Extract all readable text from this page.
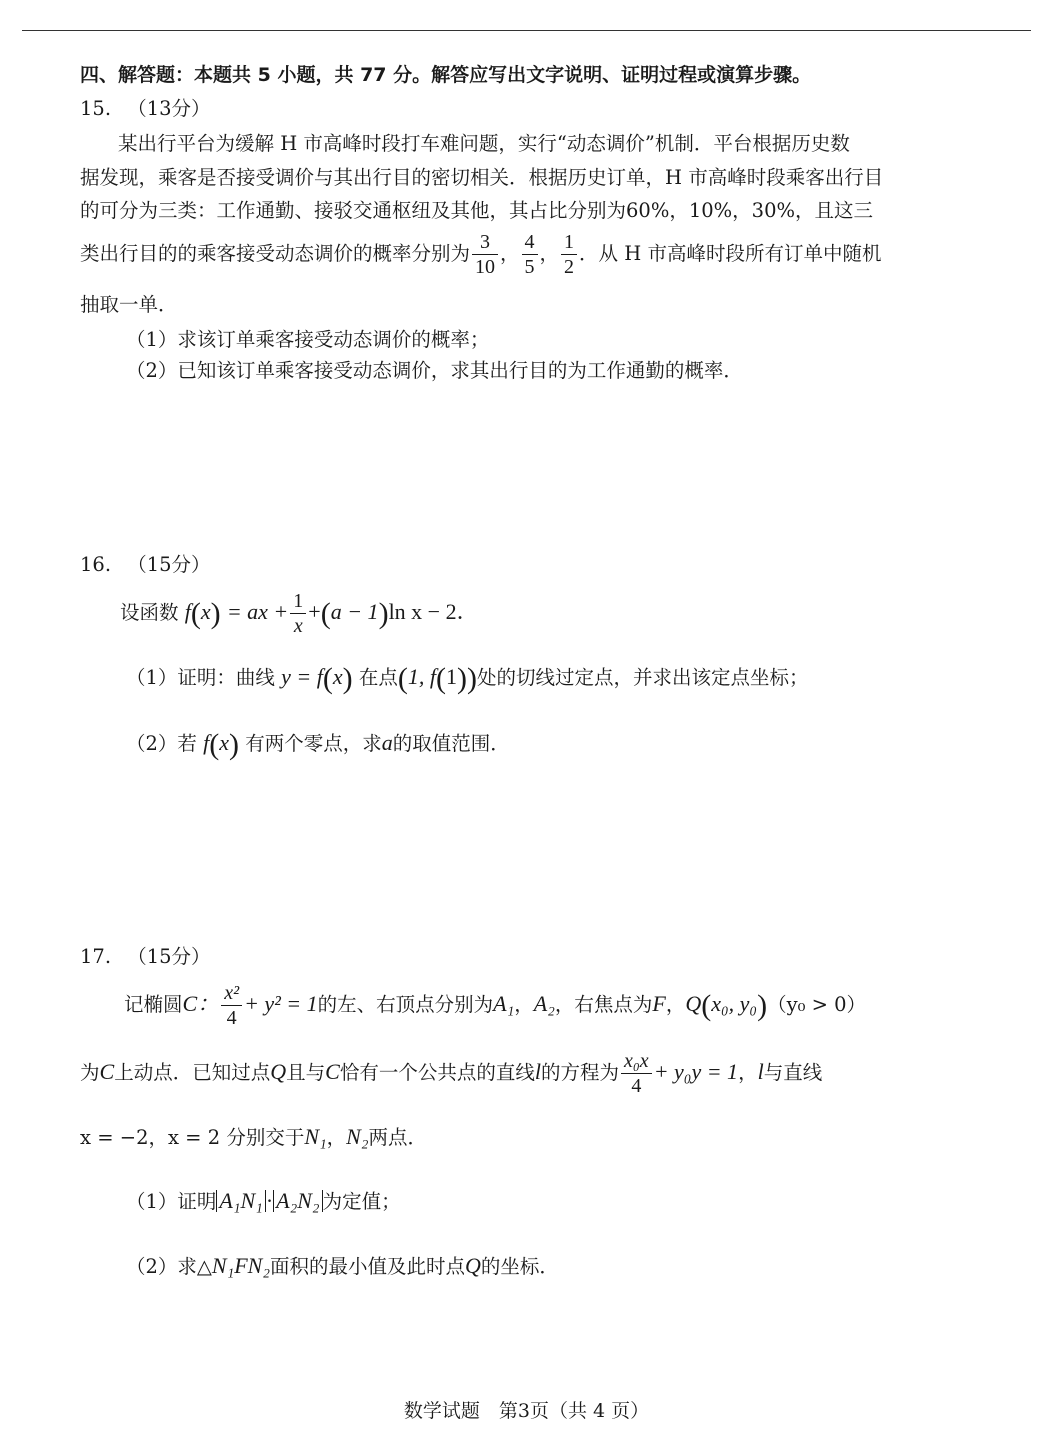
四、解答题：本题共 5 小题，共 77 分。解答应写出文字说明、证明过程或演算步骤。
15. （13分）
某出行平台为缓解 H 市高峰时段打车难问题，实行“动态调价”机制．平台根据历史数
据发现，乘客是否接受调价与其出行目的密切相关．根据历史订单，H 市高峰时段乘客出行目
的可分为三类：工作通勤、接驳交通枢纽及其他，其占比分别为60%，10%，30%，且这三
类出行目的的乘客接受动态调价的概率分别为 $\frac{3}{10}$ ， $\frac{4}{5}$ ， $\frac{1}{2}$ ．从 H 市高峰时段所有订单中随机
抽取一单．
（1）求该订单乘客接受动态调价的概率；
（2）已知该订单乘客接受动态调价，求其出行目的为工作通勤的概率．
16. （15分）
设函数 f(x) = ax + $\frac{1}{x} +(a - 1)\ln$ x − 2．
（1）证明：曲线 y = f(x) 在点(1, f(1))处的切线过定点，并求出该定点坐标；
（2）若 f(x) 有两个零点，求a的取值范围．
17. （15分）
记椭圆C： $\frac{\text{x²}}{4} + y^2 = 1$的左、右顶点分别为A₁，A₂，右焦点为F，Q(x₀, y₀)（y₀ > 0）
为C上动点．已知过点Q且与C恰有一个公共点的直线l的方程为 $\frac{\text{x₀x}}{4} + y_0y = 1$，l与直线
x = −2，x = 2 分别交于N₁，N₂两点．
（1）证明 A₁N₁ · A₂N₂ 为定值；
（2）求△N₁FN₂面积的最小值及此时点Q的坐标．
数学试题　第3页（共 4 页）
